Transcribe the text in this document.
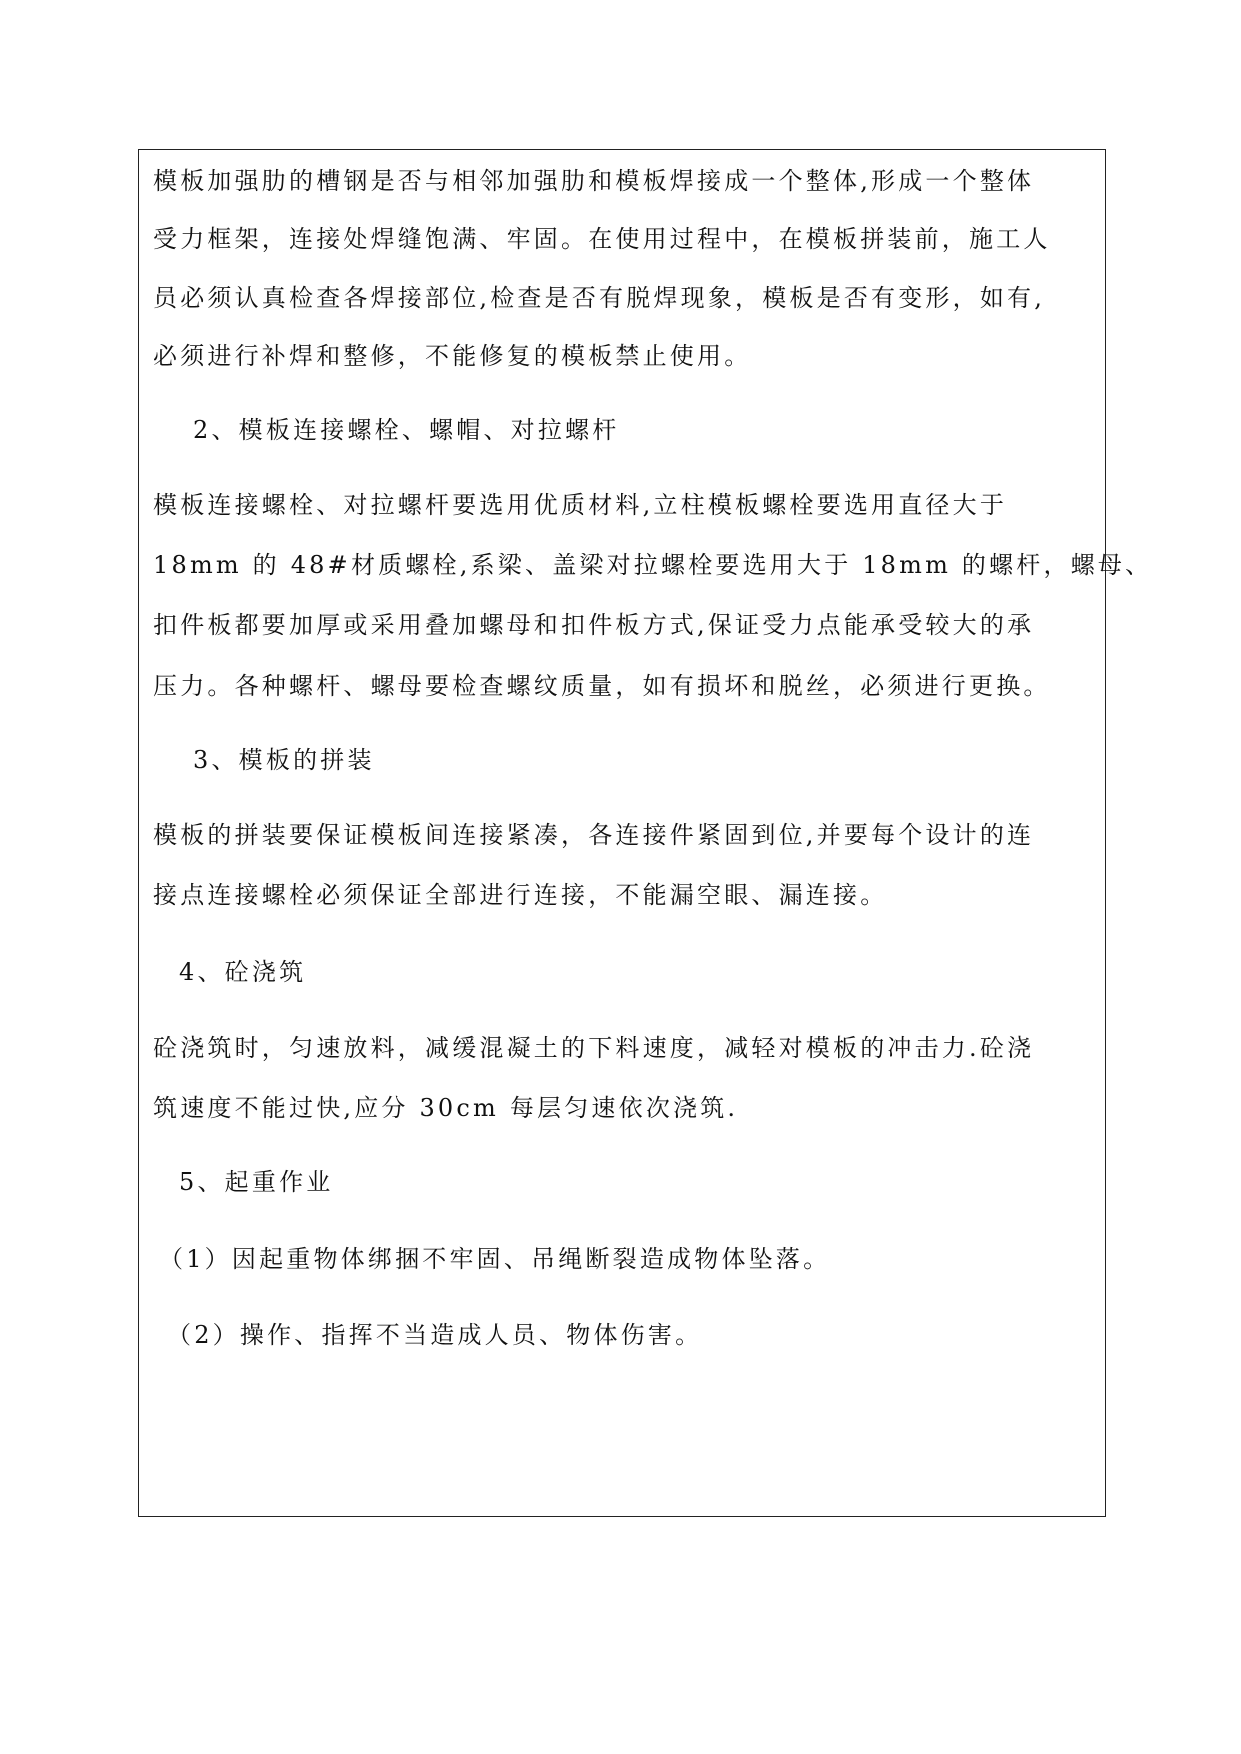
模板加强肋的槽钢是否与相邻加强肋和模板焊接成一个整体,形成一个整体
受力框架，连接处焊缝饱满、牢固。在使用过程中，在模板拼装前，施工人
员必须认真检查各焊接部位,检查是否有脱焊现象，模板是否有变形，如有,
必须进行补焊和整修，不能修复的模板禁止使用。
2、模板连接螺栓、螺帽、对拉螺杆
模板连接螺栓、对拉螺杆要选用优质材料,立柱模板螺栓要选用直径大于
18mm 的 48#材质螺栓,系梁、盖梁对拉螺栓要选用大于 18mm 的螺杆，螺母、
扣件板都要加厚或采用叠加螺母和扣件板方式,保证受力点能承受较大的承
压力。各种螺杆、螺母要检查螺纹质量，如有损坏和脱丝，必须进行更换。
3、模板的拼装
模板的拼装要保证模板间连接紧凑，各连接件紧固到位,并要每个设计的连
接点连接螺栓必须保证全部进行连接，不能漏空眼、漏连接。
4、砼浇筑
砼浇筑时，匀速放料，减缓混凝土的下料速度，减轻对模板的冲击力.砼浇
筑速度不能过快,应分 30cm 每层匀速依次浇筑.
5、起重作业
（1）因起重物体绑捆不牢固、吊绳断裂造成物体坠落。
（2）操作、指挥不当造成人员、物体伤害。
